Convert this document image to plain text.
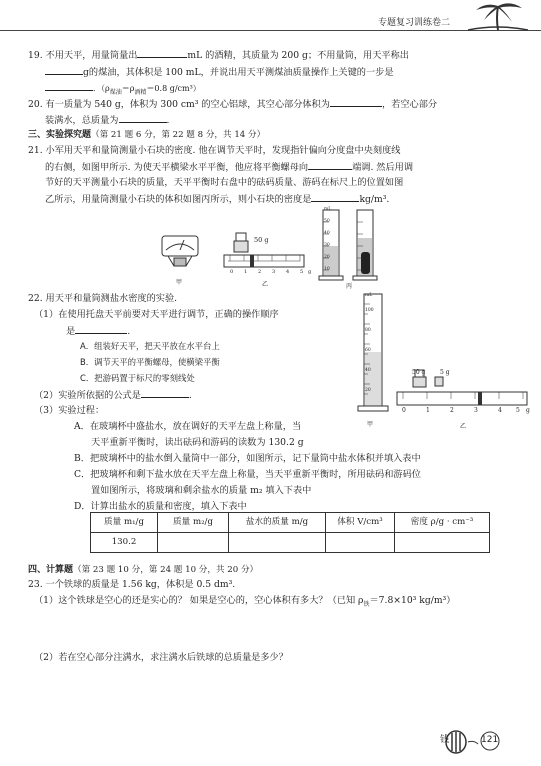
专题复习训练卷二
19. 不用天平，用量筒量出	mL 的酒精，其质量为 200 g；不用量筒，用天平称出
g的煤油，其体积是 100 mL，并说出用天平测煤油质量操作上关键的一步是
．（$\rho_{煤油}=\rho_{酒精}=0.8$ g/cm³）
20. 有一质量为 540 g，体积为 300 cm³ 的空心铝球，其空心部分体积为	，若空心部分
装满水，总质量为	.
三、实验探究题（第 21 题 6 分，第 22 题 8 分，共 14 分）
21. 小军用天平和量筒测量小石块的密度. 他在调节天平时，发现指针偏向分度盘中央刻度线
的右侧，如图甲所示. 为使天平横梁水平平衡，他应将平衡螺母向	端调. 然后用调
节好的天平测量小石块的质量，天平平衡时右盘中的砝码质量、游码在标尺上的位置如图
乙所示，用量筒测量小石块的体积如图丙所示，则小石块的密度是	kg/m³.
甲
50 g
0 1 2 3 4 5 g
乙
mL
50
40
30
20
10
丙
22. 用天平和量筒测盐水密度的实验.
（1）在使用托盘天平前要对天平进行调节，正确的操作顺序
是	.
A．组装好天平，把天平放在水平台上
B．调节天平的平衡螺母，使横梁平衡
C．把游码置于标尺的零刻线处
（2）实验所依据的公式是	.
（3）实验过程：
A．在玻璃杯中盛盐水，放在调好的天平左盘上称量，当
天平重新平衡时，读出砝码和游码的读数为 130.2 g
B．把玻璃杯中的盐水倒入量筒中一部分，如图所示，记下量筒中盐水体积并填入表中
C．把玻璃杯和剩下盐水放在天平左盘上称量，当天平重新平衡时，所用砝码和游码位
置如图所示，将玻璃和剩余盐水的质量 m₂ 填入下表中
D．计算出盐水的质量和密度，填入下表中
mL
100
80
60
40
20
甲
50 g 5 g
0	1	2	3	4 5 g
乙
质量 m₁/g	质量 m₂/g	盐水的质量 m/g	体积 V/cm³	密度 ρ/g · cm⁻³
130.2				
四、计算题（第 23 题 10 分，第 24 题 10 分，共 20 分）
23. 一个铁球的质量是 1.56 kg，体积是 0.5 dm³.
（1）这个铁球是空心的还是实心的？ 如果是空心的，空心体积有多大？（已知 $\rho_铁=7.8\times 10^3$ kg/m³）
（2）若在空心部分注满水，求注满水后铁球的总质量是多少？
钱	121
